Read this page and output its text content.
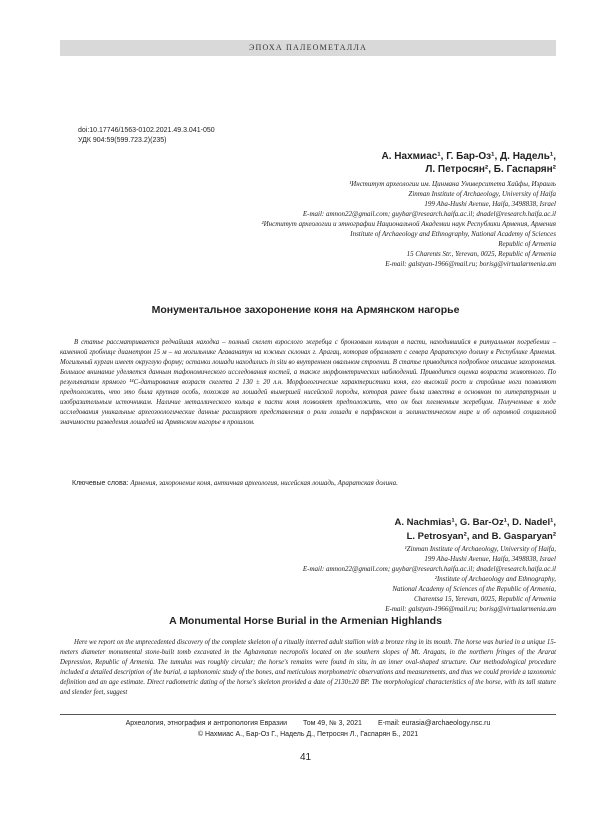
ЭПОХА ПАЛЕОМЕТАЛЛА
doi:10.17746/1563-0102.2021.49.3.041-050
УДК 904:59(599.723.2)(235)
А. Нахмиас¹, Г. Бар-Оз¹, Д. Надель¹,
Л. Петросян², Б. Гаспарян²
¹Институт археологии им. Цинмана Университета Хайфы, Израиль
Zinman Institute of Archaeology, University of Haifa
199 Aba-Hushi Avenue, Haifa, 3498838, Israel
E-mail: amnon22@gmail.com; guybar@research.haifa.ac.il; dnadel@research.haifa.ac.il
²Институт археологии и этнографии Национальной Академии наук Республики Армения, Армения
Institute of Archaeology and Ethnography, National Academy of Sciences
Republic of Armenia
15 Charents Str., Yerevan, 0025, Republic of Armenia
E-mail: galstyan-1966@mail.ru; borisg@virtualarmenia.am
Монументальное захоронение коня на Армянском нагорье
В статье рассматривается редчайшая находка – полный скелет взрослого жеребца с бронзовым кольцом в пасти, находившийся в ритуальном погребении – каменной гробнице диаметром 15 м – на могильнике Агаванатун на южных склонах г. Арагац, которая обрамляет с севера Араратскую долину в Республике Армения. Могильный курган имеет округлую форму; останки лошади находились in situ во внутреннем овальном строении. В статье приводится подробное описание захоронения. Большое внимание уделяется данным тафономического исследования костей, а также морфометрических наблюдений. Приводится оценка возраста животного. По результатам прямого ¹⁴С-датирования возраст скелета 2 130 ± 20 л.н. Морфологические характеристики коня, его высокий рост и стройные ноги позволяют предположить, что это была крупная особь, похожая на лошадей вымершей нисейской породы, которая ранее была известна в основном по литературным и изобразительным источникам. Наличие металлического кольца в пасти коня позволяет предположить, что он был племенным жеребцом. Полученные в ходе исследования уникальные археозоологические данные расширяют представления о роли лошади в парфянском и эллинистическом мире и об огромной социальной значимости разведения лошадей на Армянском нагорье в прошлом.
Ключевые слова: Армения, захоронение коня, античная археология, нисейская лошадь, Араратская долина.
A. Nachmias¹, G. Bar-Oz¹, D. Nadel¹,
L. Petrosyan², and B. Gasparyan²
¹Zinman Institute of Archaeology, University of Haifa,
199 Aba-Hushi Avenue, Haifa, 3498838, Israel
E-mail: amnon22@gmail.com; guybar@research.haifa.ac.il; dnadel@research.haifa.ac.il
²Institute of Archaeology and Ethnography,
National Academy of Sciences of the Republic of Armenia,
Charentsa 15, Yerevan, 0025, Republic of Armenia
E-mail: galstyan-1966@mail.ru; borisg@virtualarmenia.am
A Monumental Horse Burial in the Armenian Highlands
Here we report on the unprecedented discovery of the complete skeleton of a ritually interred adult stallion with a bronze ring in its mouth. The horse was buried in a unique 15-meters diameter monumental stone-built tomb excavated in the Aghavnatun necropolis located on the southern slopes of Mt. Aragats, in the northern fringes of the Ararat Depression, Republic of Armenia. The tumulus was roughly circular; the horse's remains were found in situ, in an inner oval-shaped structure. Our methodological procedure included a detailed description of the burial, a taphonomic study of the bones, and meticulous morphometric observations and measurements, and thus we could provide a taxonomic definition and an age estimate. Direct radiometric dating of the horse's skeleton provided a date of 2130±20 BP. The morphological characteristics of the horse, with its tall stature and slender feet, suggest
Археология, этнография и антропология Евразии Том 49, № 3, 2021 E-mail: eurasia@archaeology.nsc.ru
© Нахмиас А., Бар-Оз Г., Надель Д., Петросян Л., Гаспарян Б., 2021
41
